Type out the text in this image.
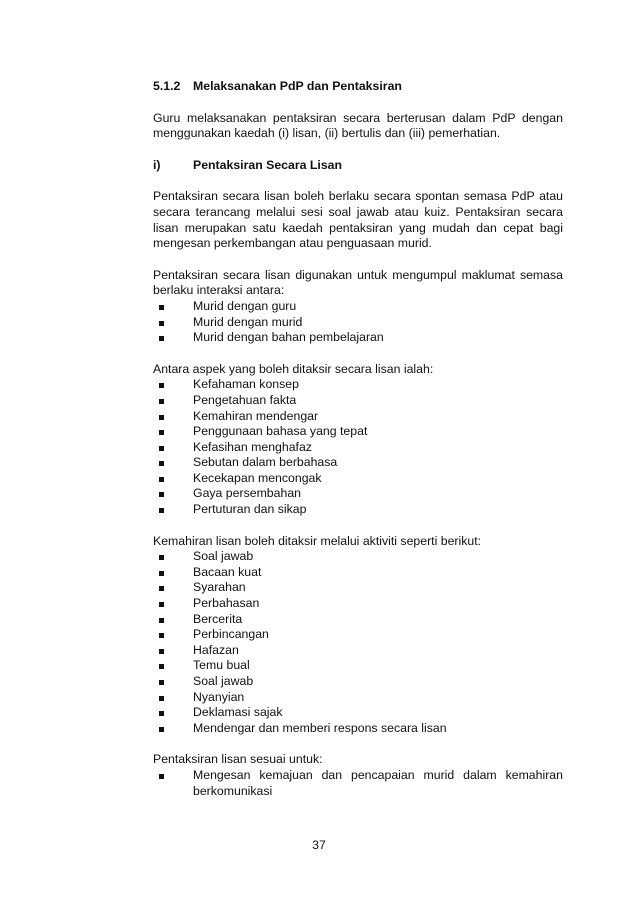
5.1.2	Melaksanakan PdP dan Pentaksiran
Guru melaksanakan pentaksiran secara berterusan dalam PdP dengan menggunakan kaedah (i) lisan, (ii) bertulis dan (iii) pemerhatian.
i)	Pentaksiran Secara Lisan
Pentaksiran secara lisan boleh berlaku secara spontan semasa PdP atau secara terancang melalui sesi soal jawab atau kuiz. Pentaksiran secara lisan merupakan satu kaedah pentaksiran yang mudah dan cepat bagi mengesan perkembangan atau penguasaan murid.
Pentaksiran secara lisan digunakan untuk mengumpul maklumat semasa berlaku interaksi antara:
Murid dengan guru
Murid dengan murid
Murid dengan bahan pembelajaran
Antara aspek yang boleh ditaksir secara lisan ialah:
Kefahaman konsep
Pengetahuan fakta
Kemahiran mendengar
Penggunaan bahasa yang tepat
Kefasihan menghafaz
Sebutan dalam berbahasa
Kecekapan mencongak
Gaya persembahan
Pertuturan dan sikap
Kemahiran lisan boleh ditaksir melalui aktiviti seperti berikut:
Soal jawab
Bacaan kuat
Syarahan
Perbahasan
Bercerita
Perbincangan
Hafazan
Temu bual
Soal jawab
Nyanyian
Deklamasi sajak
Mendengar dan memberi respons secara lisan
Pentaksiran lisan sesuai untuk:
Mengesan kemajuan dan pencapaian murid dalam kemahiran berkomunikasi
37
